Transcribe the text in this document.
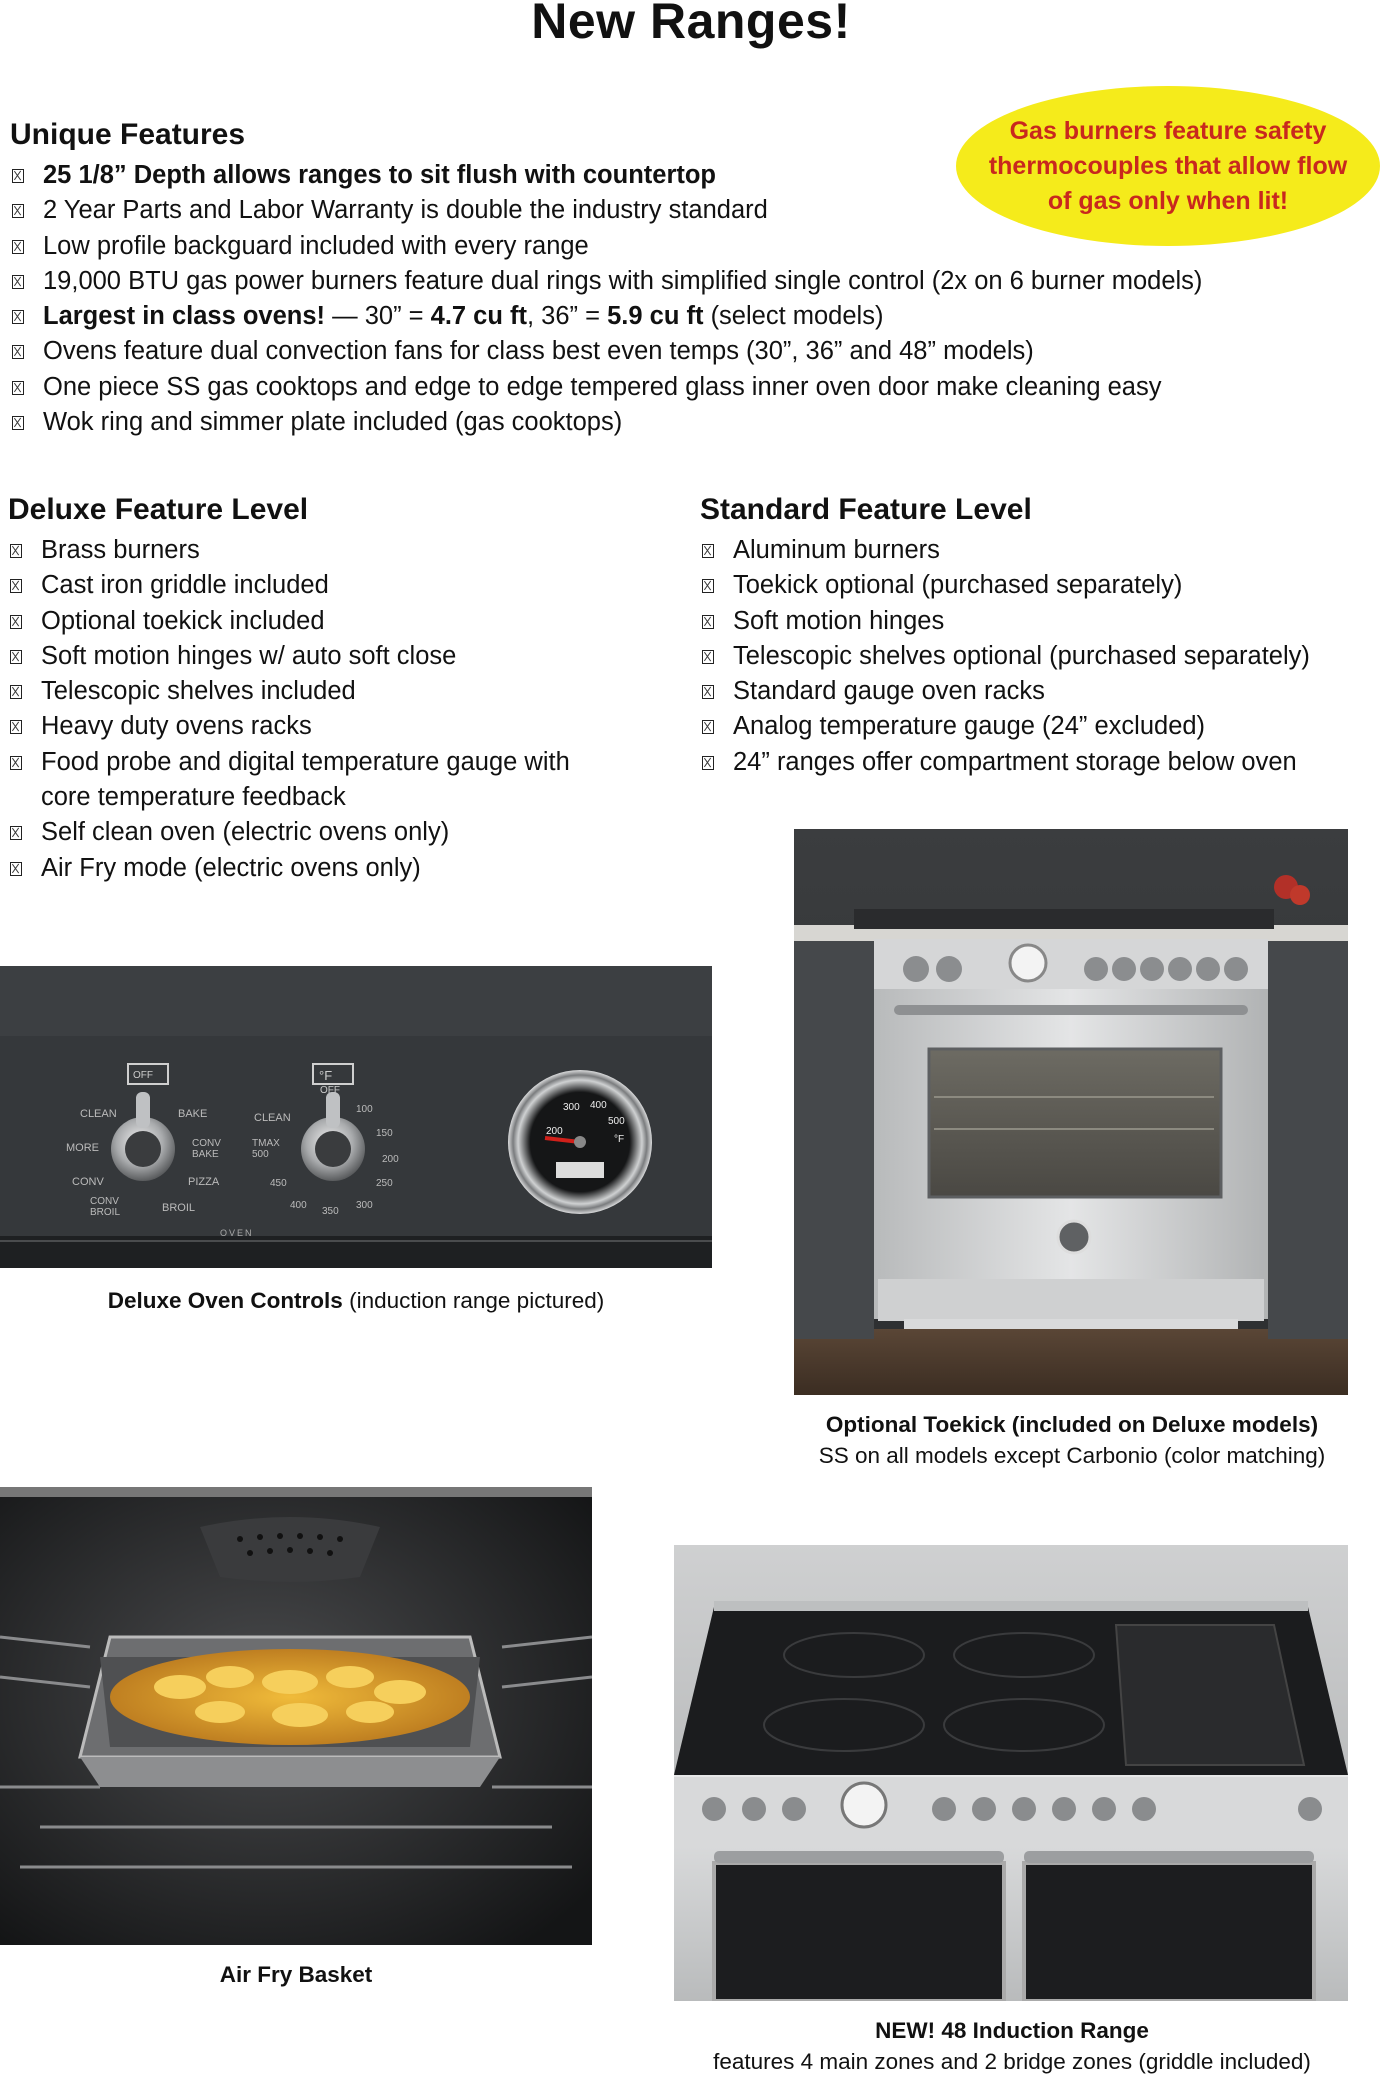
New Ranges!
Gas burners feature safety thermocouples that allow flow of gas only when lit!
Unique Features
25 1/8” Depth allows ranges to sit flush with countertop
2 Year Parts and Labor Warranty is double the industry standard
Low profile backguard included with every range
19,000 BTU gas power burners feature dual rings with simplified single control (2x on 6 burner models)
Largest in class ovens! — 30” = 4.7 cu ft, 36” = 5.9 cu ft (select models)
Ovens feature dual convection fans for class best even temps (30”, 36” and 48” models)
One piece SS gas cooktops and edge to edge tempered glass inner oven door make cleaning easy
Wok ring and simmer plate included (gas cooktops)
Deluxe Feature Level
Brass burners
Cast iron griddle included
Optional toekick included
Soft motion hinges w/ auto soft close
Telescopic shelves included
Heavy duty ovens racks
Food probe and digital temperature gauge with core temperature feedback
Self clean oven (electric ovens only)
Air Fry mode (electric ovens only)
Standard Feature Level
Aluminum burners
Toekick optional (purchased separately)
Soft motion hinges
Telescopic shelves optional (purchased separately)
Standard gauge oven racks
Analog temperature gauge (24” excluded)
24” ranges offer compartment storage below oven
CLEAN	BAKE
MORE	CONV BAKE
CONV	PIZZA
CONV BROIL	BROIL
OFF
CLEAN
TMAX 500
450
400
350
300
250
200
150
100
°F
OFF
OVEN
200
300 400
500
°F
Deluxe Oven Controls (induction range pictured)
Optional Toekick (included on Deluxe models)
SS on all models except Carbonio (color matching)
Air Fry Basket
NEW! 48 Induction Range
features 4 main zones and 2 bridge zones (griddle included)
